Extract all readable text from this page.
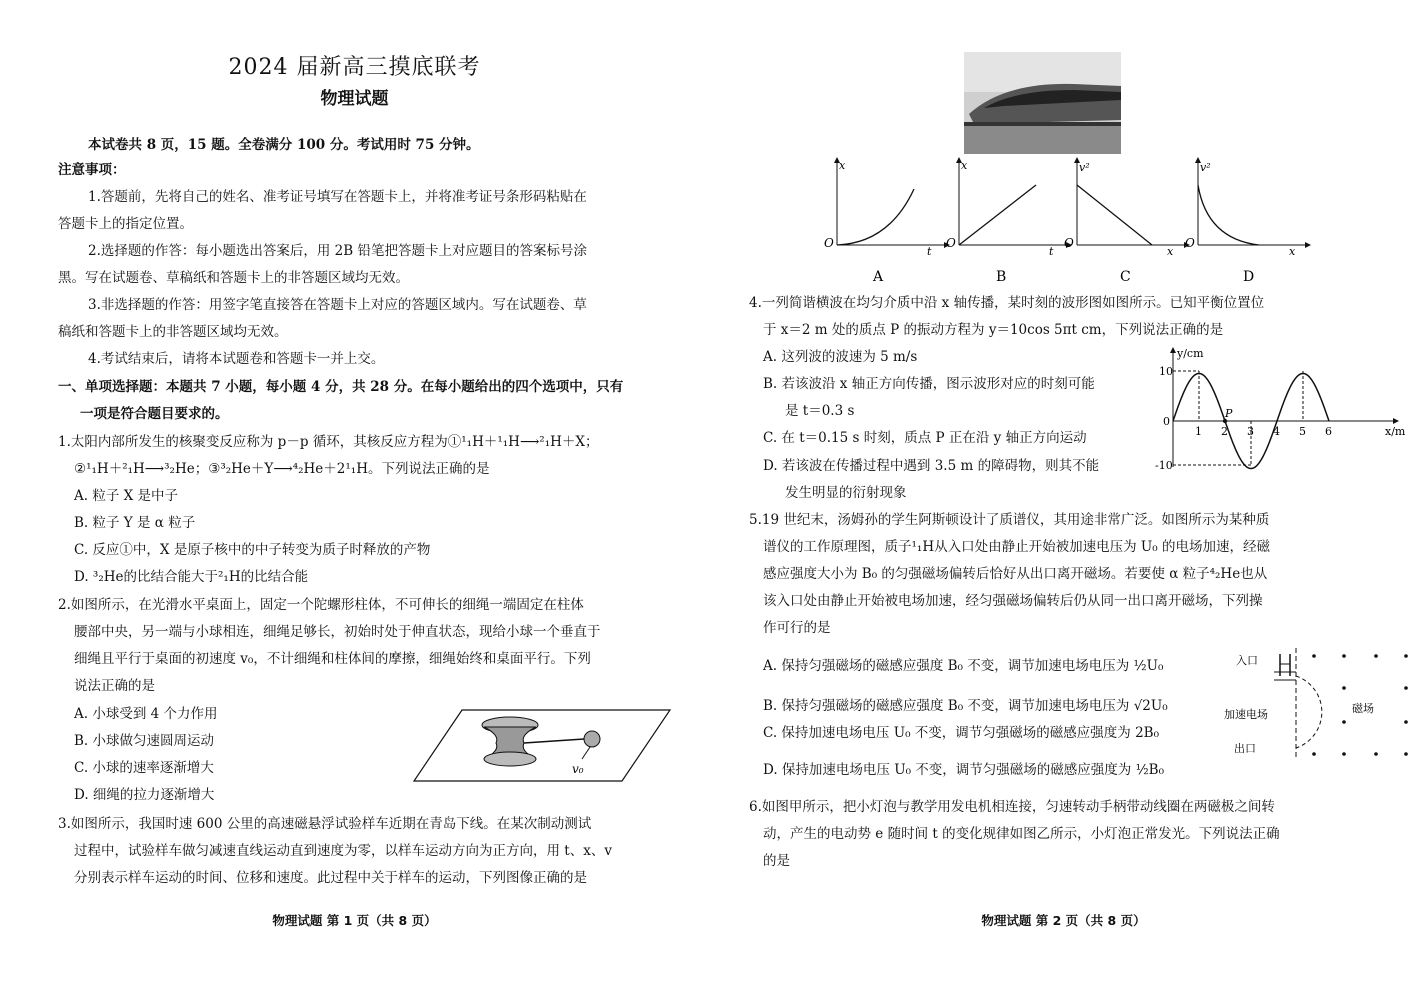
2024 届新高三摸底联考
物理试题
本试卷共 8 页，15 题。全卷满分 100 分。考试用时 75 分钟。
注意事项：
1.答题前，先将自己的姓名、准考证号填写在答题卡上，并将准考证号条形码粘贴在
答题卡上的指定位置。
2.选择题的作答：每小题选出答案后，用 2B 铅笔把答题卡上对应题目的答案标号涂
黑。写在试题卷、草稿纸和答题卡上的非答题区域均无效。
3.非选择题的作答：用签字笔直接答在答题卡上对应的答题区域内。写在试题卷、草
稿纸和答题卡上的非答题区域均无效。
4.考试结束后，请将本试题卷和答题卡一并上交。
一、单项选择题：本题共 7 小题，每小题 4 分，共 28 分。在每小题给出的四个选项中，只有
一项是符合题目要求的。
1.太阳内部所发生的核聚变反应称为 p－p 循环，其核反应方程为①¹₁H＋¹₁H⟶²₁H＋X；
②¹₁H＋²₁H⟶³₂He；③³₂He＋Y⟶⁴₂He＋2¹₁H。下列说法正确的是
A. 粒子 X 是中子
B. 粒子 Y 是 α 粒子
C. 反应①中，X 是原子核中的中子转变为质子时释放的产物
D. ³₂He的比结合能大于²₁H的比结合能
2.如图所示，在光滑水平桌面上，固定一个陀螺形柱体，不可伸长的细绳一端固定在柱体
腰部中央，另一端与小球相连，细绳足够长，初始时处于伸直状态，现给小球一个垂直于
细绳且平行于桌面的初速度 v₀，不计细绳和柱体间的摩擦，细绳始终和桌面平行。下列
说法正确的是
A. 小球受到 4 个力作用
B. 小球做匀速圆周运动
C. 小球的速率逐渐增大
D. 细绳的拉力逐渐增大
v₀
3.如图所示，我国时速 600 公里的高速磁悬浮试验样车近期在青岛下线。在某次制动测试
过程中，试验样车做匀减速直线运动直到速度为零，以样车运动方向为正方向，用 t、x、v
分别表示样车运动的时间、位移和速度。此过程中关于样车的运动，下列图像正确的是
物理试题 第 1 页（共 8 页）
x
t
O
A
x
t
O
B
v²
x
O
C
v²
x
O
D
4.一列简谐横波在均匀介质中沿 x 轴传播，某时刻的波形图如图所示。已知平衡位置位
于 x＝2 m 处的质点 P 的振动方程为 y＝10cos 5πt cm，下列说法正确的是
A. 这列波的波速为 5 m/s
B. 若该波沿 x 轴正方向传播，图示波形对应的时刻可能
是 t＝0.3 s
C. 在 t＝0.15 s 时刻，质点 P 正在沿 y 轴正方向运动
D. 若该波在传播过程中遇到 3.5 m 的障碍物，则其不能
发生明显的衍射现象
y/cm
x/m
10
-10
0
P
1 2 3 4 5 6
5.19 世纪末，汤姆孙的学生阿斯顿设计了质谱仪，其用途非常广泛。如图所示为某种质
谱仪的工作原理图，质子¹₁H从入口处由静止开始被加速电压为 U₀ 的电场加速，经磁
感应强度大小为 B₀ 的匀强磁场偏转后恰好从出口离开磁场。若要使 α 粒子⁴₂He也从
该入口处由静止开始被电场加速，经匀强磁场偏转后仍从同一出口离开磁场，下列操
作可行的是
A. 保持匀强磁场的磁感应强度 B₀ 不变，调节加速电场电压为 ½U₀
B. 保持匀强磁场的磁感应强度 B₀ 不变，调节加速电场电压为 √2U₀
C. 保持加速电场电压 U₀ 不变，调节匀强磁场的磁感应强度为 2B₀
D. 保持加速电场电压 U₀ 不变，调节匀强磁场的磁感应强度为 ½B₀
入口
加速电场
出口
磁场
6.如图甲所示，把小灯泡与教学用发电机相连接，匀速转动手柄带动线圈在两磁极之间转
动，产生的电动势 e 随时间 t 的变化规律如图乙所示，小灯泡正常发光。下列说法正确
的是
物理试题 第 2 页（共 8 页）
